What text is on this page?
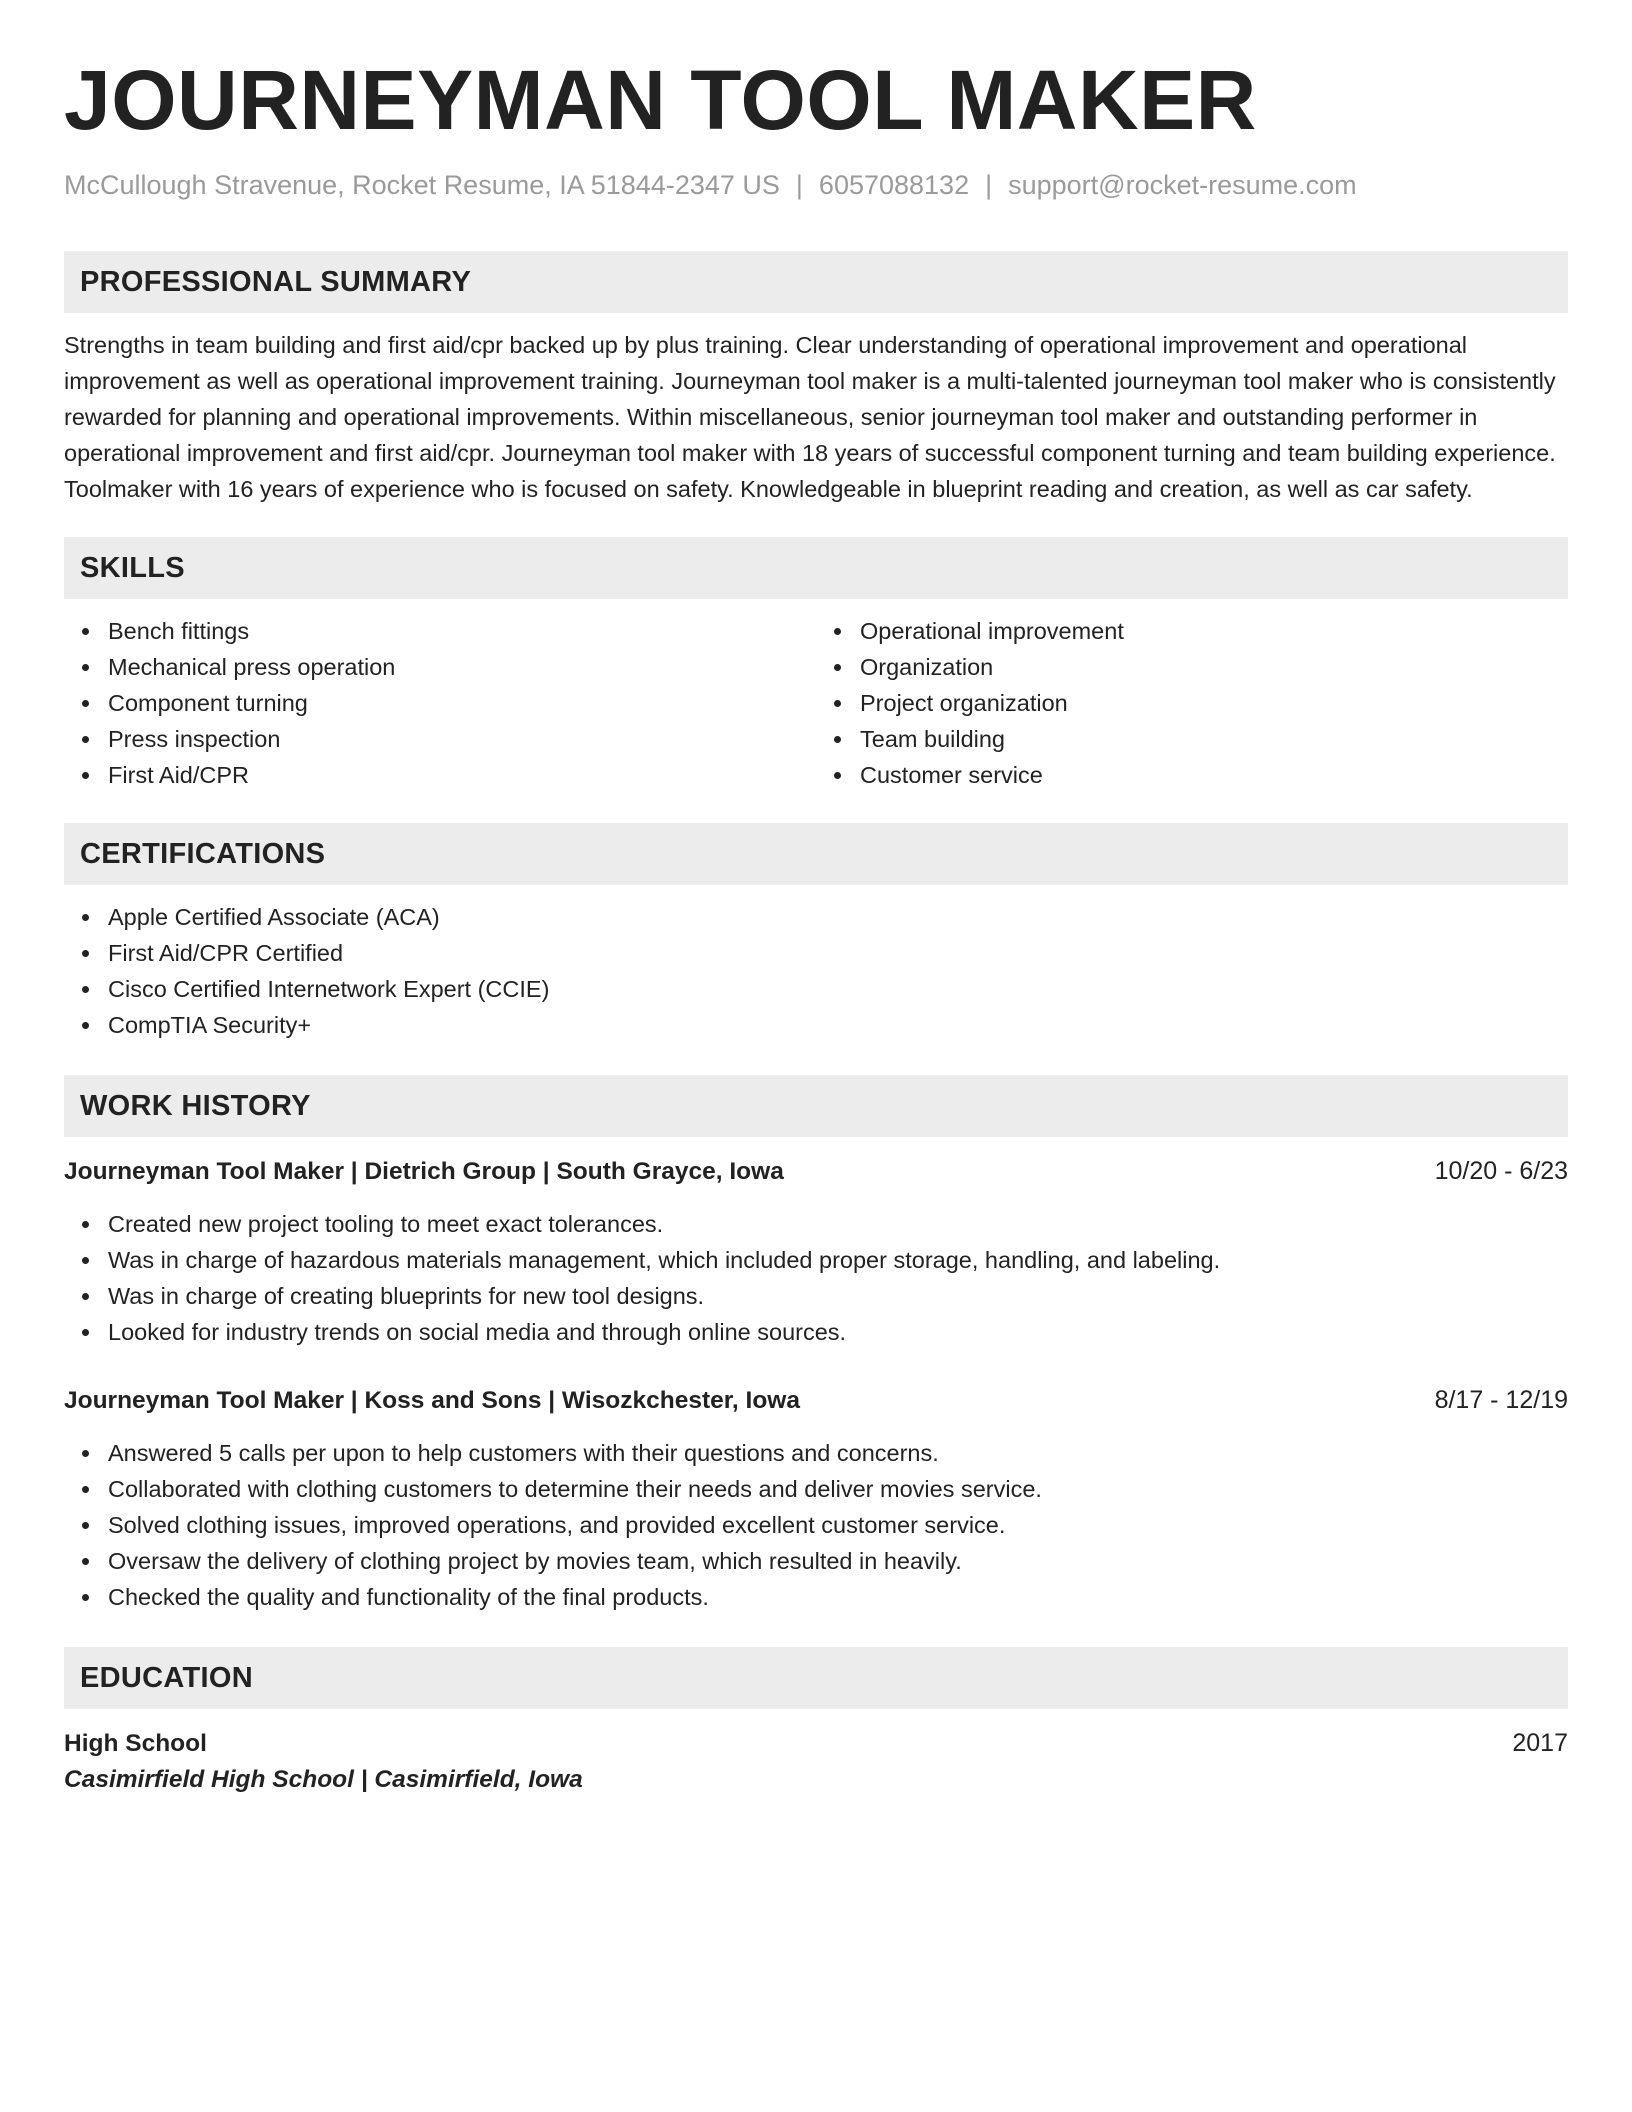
JOURNEYMAN TOOL MAKER
McCullough Stravenue, Rocket Resume, IA 51844-2347 US | 6057088132 | support@rocket-resume.com
PROFESSIONAL SUMMARY

Strengths in team building and first aid/cpr backed up by plus training. Clear understanding of operational improvement and operational improvement as well as operational improvement training. Journeyman tool maker is a multi-talented journeyman tool maker who is consistently rewarded for planning and operational improvements. Within miscellaneous, senior journeyman tool maker and outstanding performer in operational improvement and first aid/cpr. Journeyman tool maker with 18 years of successful component turning and team building experience. Toolmaker with 16 years of experience who is focused on safety. Knowledgeable in blueprint reading and creation, as well as car safety.

SKILLS
Bench fittings
Mechanical press operation
Component turning
Press inspection
First Aid/CPR
Operational improvement
Organization
Project organization
Team building
Customer service
CERTIFICATIONS
Apple Certified Associate (ACA)
First Aid/CPR Certified
Cisco Certified Internetwork Expert (CCIE)
CompTIA Security+
WORK HISTORY
Journeyman Tool Maker | Dietrich Group | South Grayce, Iowa	10/20 - 6/23
Created new project tooling to meet exact tolerances.
Was in charge of hazardous materials management, which included proper storage, handling, and labeling.
Was in charge of creating blueprints for new tool designs.
Looked for industry trends on social media and through online sources.
Journeyman Tool Maker | Koss and Sons | Wisozkchester, Iowa	8/17 - 12/19
Answered 5 calls per upon to help customers with their questions and concerns.
Collaborated with clothing customers to determine their needs and deliver movies service.
Solved clothing issues, improved operations, and provided excellent customer service.
Oversaw the delivery of clothing project by movies team, which resulted in heavily.
Checked the quality and functionality of the final products.
EDUCATION
High School	2017
Casimirfield High School | Casimirfield, Iowa
